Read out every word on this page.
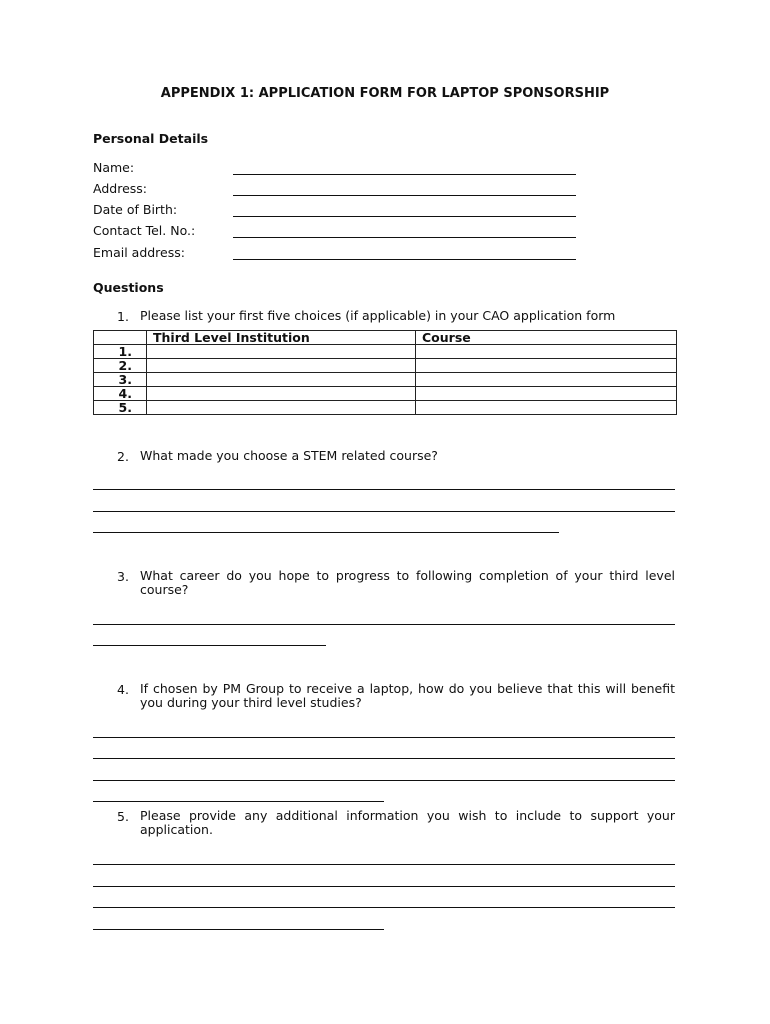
APPENDIX 1: APPLICATION FORM FOR LAPTOP SPONSORSHIP
Personal Details
Name:
Address:
Date of Birth:
Contact Tel. No.:
Email address:
Questions
1. Please list your first five choices (if applicable) in your CAO application form
	Third Level Institution	Course
1.		
2.		
3.		
4.		
5.		
2. What made you choose a STEM related course?
3. What career do you hope to progress to following completion of your third level course?
4. If chosen by PM Group to receive a laptop, how do you believe that this will benefit you during your third level studies?
5. Please provide any additional information you wish to include to support your application.
